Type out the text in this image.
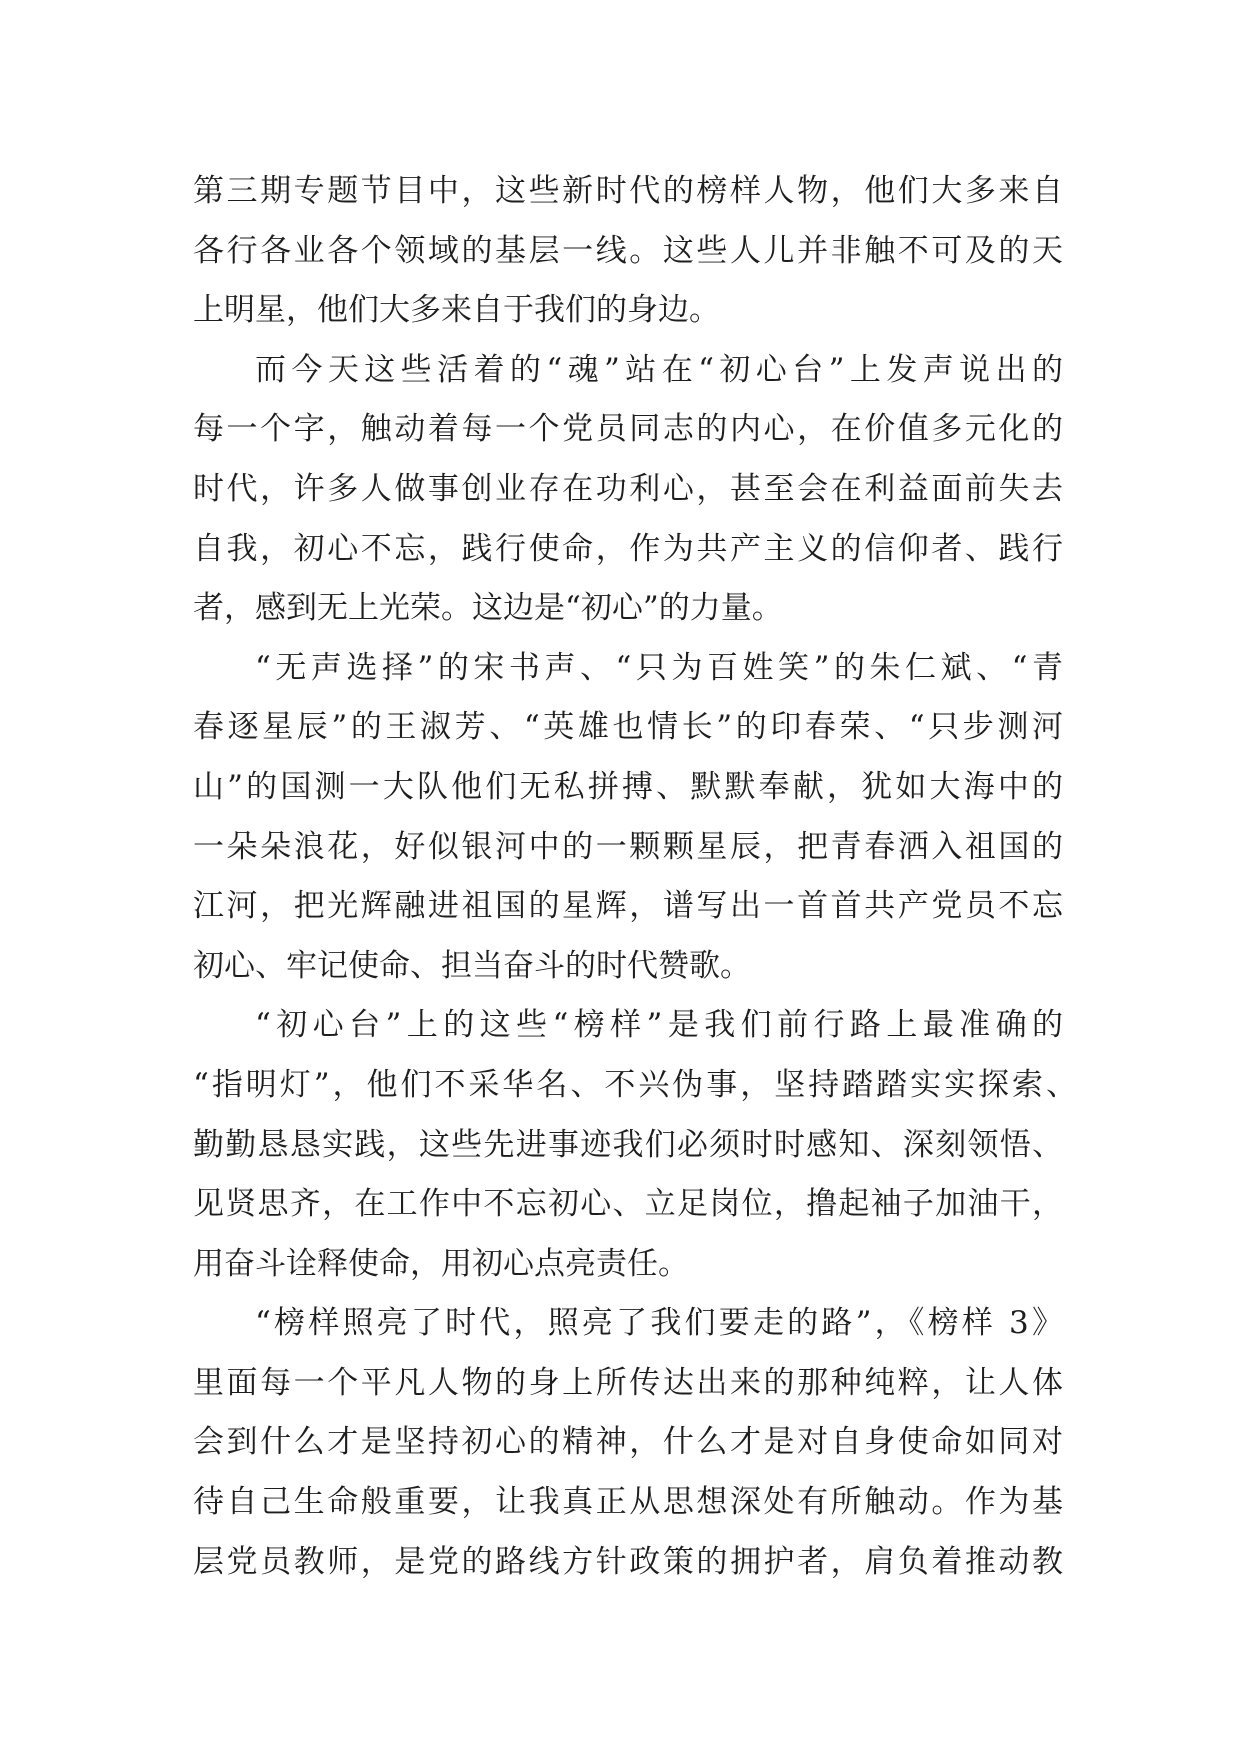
第三期专题节目中，这些新时代的榜样人物，他们大多来自
各行各业各个领域的基层一线。这些人儿并非触不可及的天
上明星，他们大多来自于我们的身边。
而今天这些活着的“魂”站在“初心台”上发声说出的
每一个字，触动着每一个党员同志的内心，在价值多元化的
时代，许多人做事创业存在功利心，甚至会在利益面前失去
自我，初心不忘，践行使命，作为共产主义的信仰者、践行
者，感到无上光荣。这边是“初心”的力量。
“无声选择”的宋书声、“只为百姓笑”的朱仁斌、“青
春逐星辰”的王淑芳、“英雄也情长”的印春荣、“只步测河
山”的国测一大队他们无私拼搏、默默奉献，犹如大海中的
一朵朵浪花，好似银河中的一颗颗星辰，把青春洒入祖国的
江河，把光辉融进祖国的星辉，谱写出一首首共产党员不忘
初心、牢记使命、担当奋斗的时代赞歌。
“初心台”上的这些“榜样”是我们前行路上最准确的
“指明灯”，他们不采华名、不兴伪事，坚持踏踏实实探索、
勤勤恳恳实践，这些先进事迹我们必须时时感知、深刻领悟、
见贤思齐，在工作中不忘初心、立足岗位，撸起袖子加油干，
用奋斗诠释使命，用初心点亮责任。
“榜样照亮了时代，照亮了我们要走的路”，《榜样 3》
里面每一个平凡人物的身上所传达出来的那种纯粹，让人体
会到什么才是坚持初心的精神，什么才是对自身使命如同对
待自己生命般重要，让我真正从思想深处有所触动。作为基
层党员教师，是党的路线方针政策的拥护者，肩负着推动教
